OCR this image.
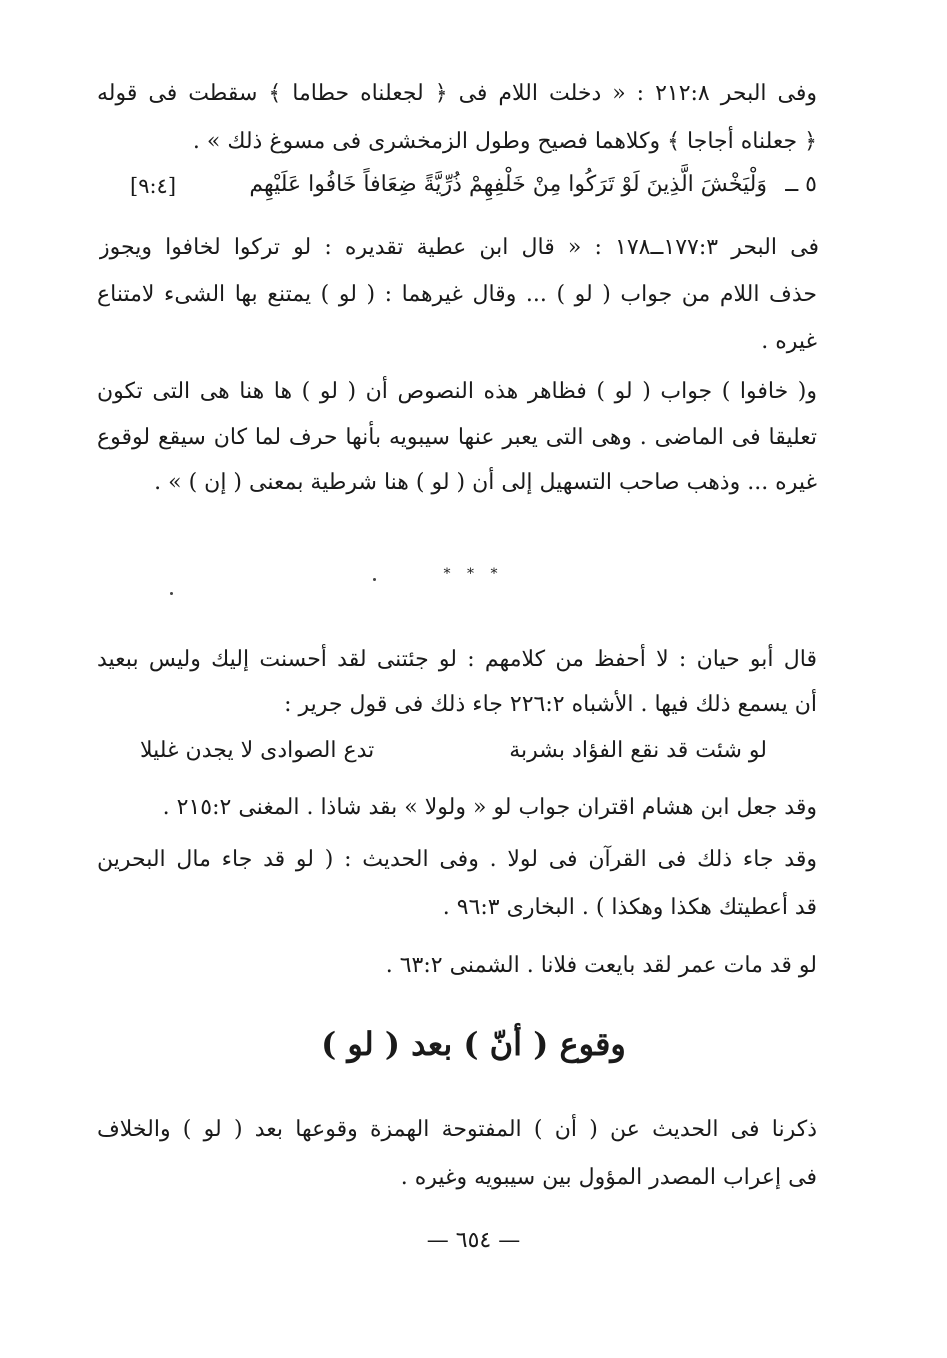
وفى البحر ٢١٢:٨ : « دخلت اللام فى ﴿ لجعلناه حطاما ﴾ سقطت فى قوله
﴿ جعلناه أجاجا ﴾ وكلاهما فصيح وطول الزمخشرى فى مسوغ ذلك » .
٥ ــ
وَلْيَخْشَ الَّذِينَ لَوْ تَرَكُوا مِنْ خَلْفِهِمْ ذُرِّيَّةً ضِعَافاً خَافُوا عَلَيْهِم
[٩:٤]
فى البحر ١٧٧:٣ــ١٧٨ : « قال ابن عطية تقديره : لو تركوا لخافوا ويجوز
حذف اللام من جواب ( لو ) ... وقال غيرهما : ( لو ) يمتنع بها الشىء لامتناع
غيره .
و( خافوا ) جواب ( لو ) فظاهر هذه النصوص أن ( لو ) ها هنا هى التى تكون
تعليقا فى الماضى . وهى التى يعبر عنها سيبويه بأنها حرف لما كان سيقع لوقوع
غيره ... وذهب صاحب التسهيل إلى أن ( لو ) هنا شرطية بمعنى ( إن ) » .
* * *
قال أبو حيان : لا أحفظ من كلامهم : لو جئتنى لقد أحسنت إليك وليس ببعيد
أن يسمع ذلك فيها . الأشباه ٢٢٦:٢ جاء ذلك فى قول جرير :
لو شئت قد نقع الفؤاد بشربة
تدع الصوادى لا يجدن غليلا
وقد جعل ابن هشام اقتران جواب لو « ولولا » بقد شاذا . المغنى ٢١٥:٢ .
وقد جاء ذلك فى القرآن فى لولا . وفى الحديث : ( لو قد جاء مال البحرين
قد أعطيتك هكذا وهكذا ) . البخارى ٩٦:٣ .
لو قد مات عمر لقد بايعت فلانا . الشمنى ٦٣:٢ .
وقوع ( أنّ ) بعد ( لو )
ذكرنا فى الحديث عن ( أن ) المفتوحة الهمزة وقوعها بعد ( لو ) والخلاف
فى إعراب المصدر المؤول بين سيبويه وغيره .
— ٦٥٤ —
